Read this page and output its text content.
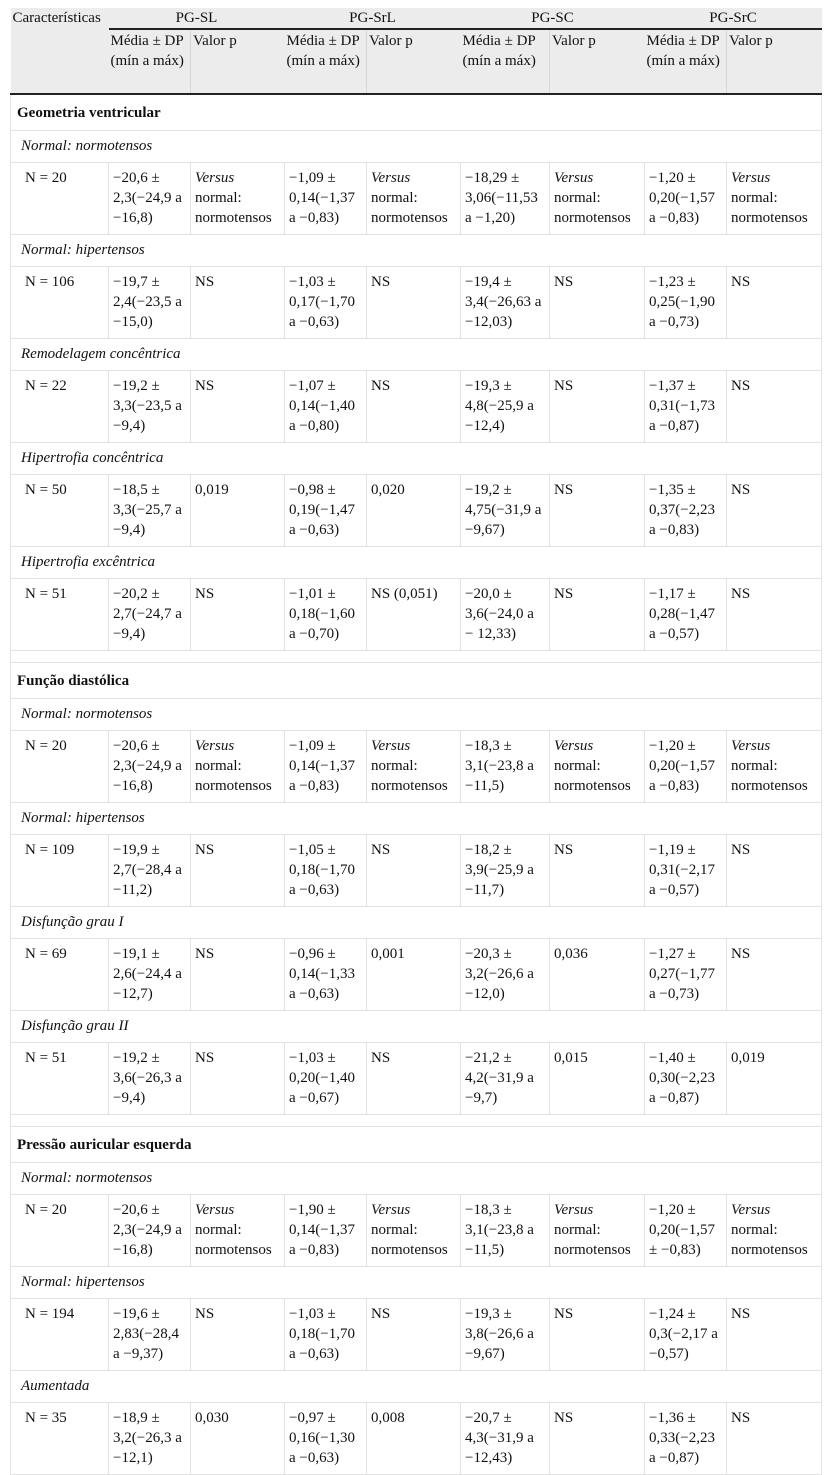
Características	PG-SL		PG-SrL		PG-SC		PG-SrC	
	Média ± DP (mín a máx)	Valor p	Média ± DP (mín a máx)	Valor p	Média ± DP (mín a máx)	Valor p	Média ± DP (mín a máx)	Valor p
Geometria ventricular								
Normal: normotensos								
N = 20	−20,6 ± 2,3(−24,9 a −16,8)	Versus normal: normotensos	−1,09 ± 0,14(−1,37 a −0,83)	Versus normal: normotensos	−18,29 ± 3,06(−11,53 a −1,20)	Versus normal: normotensos	−1,20 ± 0,20(−1,57 a −0,83)	Versus normal: normotensos
Normal: hipertensos								
N = 106	−19,7 ± 2,4(−23,5 a −15,0)	NS	−1,03 ± 0,17(−1,70 a −0,63)	NS	−19,4 ± 3,4(−26,63 a −12,03)	NS	−1,23 ± 0,25(−1,90 a −0,73)	NS
Remodelagem concêntrica								
N = 22	−19,2 ± 3,3(−23,5 a −9,4)	NS	−1,07 ± 0,14(−1,40 a −0,80)	NS	−19,3 ± 4,8(−25,9 a −12,4)	NS	−1,37 ± 0,31(−1,73 a −0,87)	NS
Hipertrofia concêntrica								
N = 50	−18,5 ± 3,3(−25,7 a −9,4)	0,019	−0,98 ± 0,19(−1,47 a −0,63)	0,020	−19,2 ± 4,75(−31,9 a −9,67)	NS	−1,35 ± 0,37(−2,23 a −0,83)	NS
Hipertrofia excêntrica								
N = 51	−20,2 ± 2,7(−24,7 a −9,4)	NS	−1,01 ± 0,18(−1,60 a −0,70)	NS (0,051)	−20,0 ± 3,6(−24,0 a − 12,33)	NS	−1,17 ± 0,28(−1,47 a −0,57)	NS

Função diastólica								
Normal: normotensos								
N = 20	−20,6 ± 2,3(−24,9 a −16,8)	Versus normal: normotensos	−1,09 ± 0,14(−1,37 a −0,83)	Versus normal: normotensos	−18,3 ± 3,1(−23,8 a −11,5)	Versus normal: normotensos	−1,20 ± 0,20(−1,57 a −0,83)	Versus normal: normotensos
Normal: hipertensos								
N = 109	−19,9 ± 2,7(−28,4 a −11,2)	NS	−1,05 ± 0,18(−1,70 a −0,63)	NS	−18,2 ± 3,9(−25,9 a −11,7)	NS	−1,19 ± 0,31(−2,17 a −0,57)	NS
Disfunção grau I								
N = 69	−19,1 ± 2,6(−24,4 a −12,7)	NS	−0,96 ± 0,14(−1,33 a −0,63)	0,001	−20,3 ± 3,2(−26,6 a −12,0)	0,036	−1,27 ± 0,27(−1,77 a −0,73)	NS
Disfunção grau II								
N = 51	−19,2 ± 3,6(−26,3 a −9,4)	NS	−1,03 ± 0,20(−1,40 a −0,67)	NS	−21,2 ± 4,2(−31,9 a −9,7)	0,015	−1,40 ± 0,30(−2,23 a −0,87)	0,019

Pressão auricular esquerda								
Normal: normotensos								
N = 20	−20,6 ± 2,3(−24,9 a −16,8)	Versus normal: normotensos	−1,90 ± 0,14(−1,37 a −0,83)	Versus normal: normotensos	−18,3 ± 3,1(−23,8 a −11,5)	Versus normal: normotensos	−1,20 ± 0,20(−1,57 ± −0,83)	Versus normal: normotensos
Normal: hipertensos								
N = 194	−19,6 ± 2,83(−28,4 a −9,37)	NS	−1,03 ± 0,18(−1,70 a −0,63)	NS	−19,3 ± 3,8(−26,6 a −9,67)	NS	−1,24 ± 0,3(−2,17 a −0,57)	NS
Aumentada								
N = 35	−18,9 ± 3,2(−26,3 a −12,1)	0,030	−0,97 ± 0,16(−1,30 a −0,63)	0,008	−20,7 ± 4,3(−31,9 a −12,43)	NS	−1,36 ± 0,33(−2,23 a −0,87)	NS
